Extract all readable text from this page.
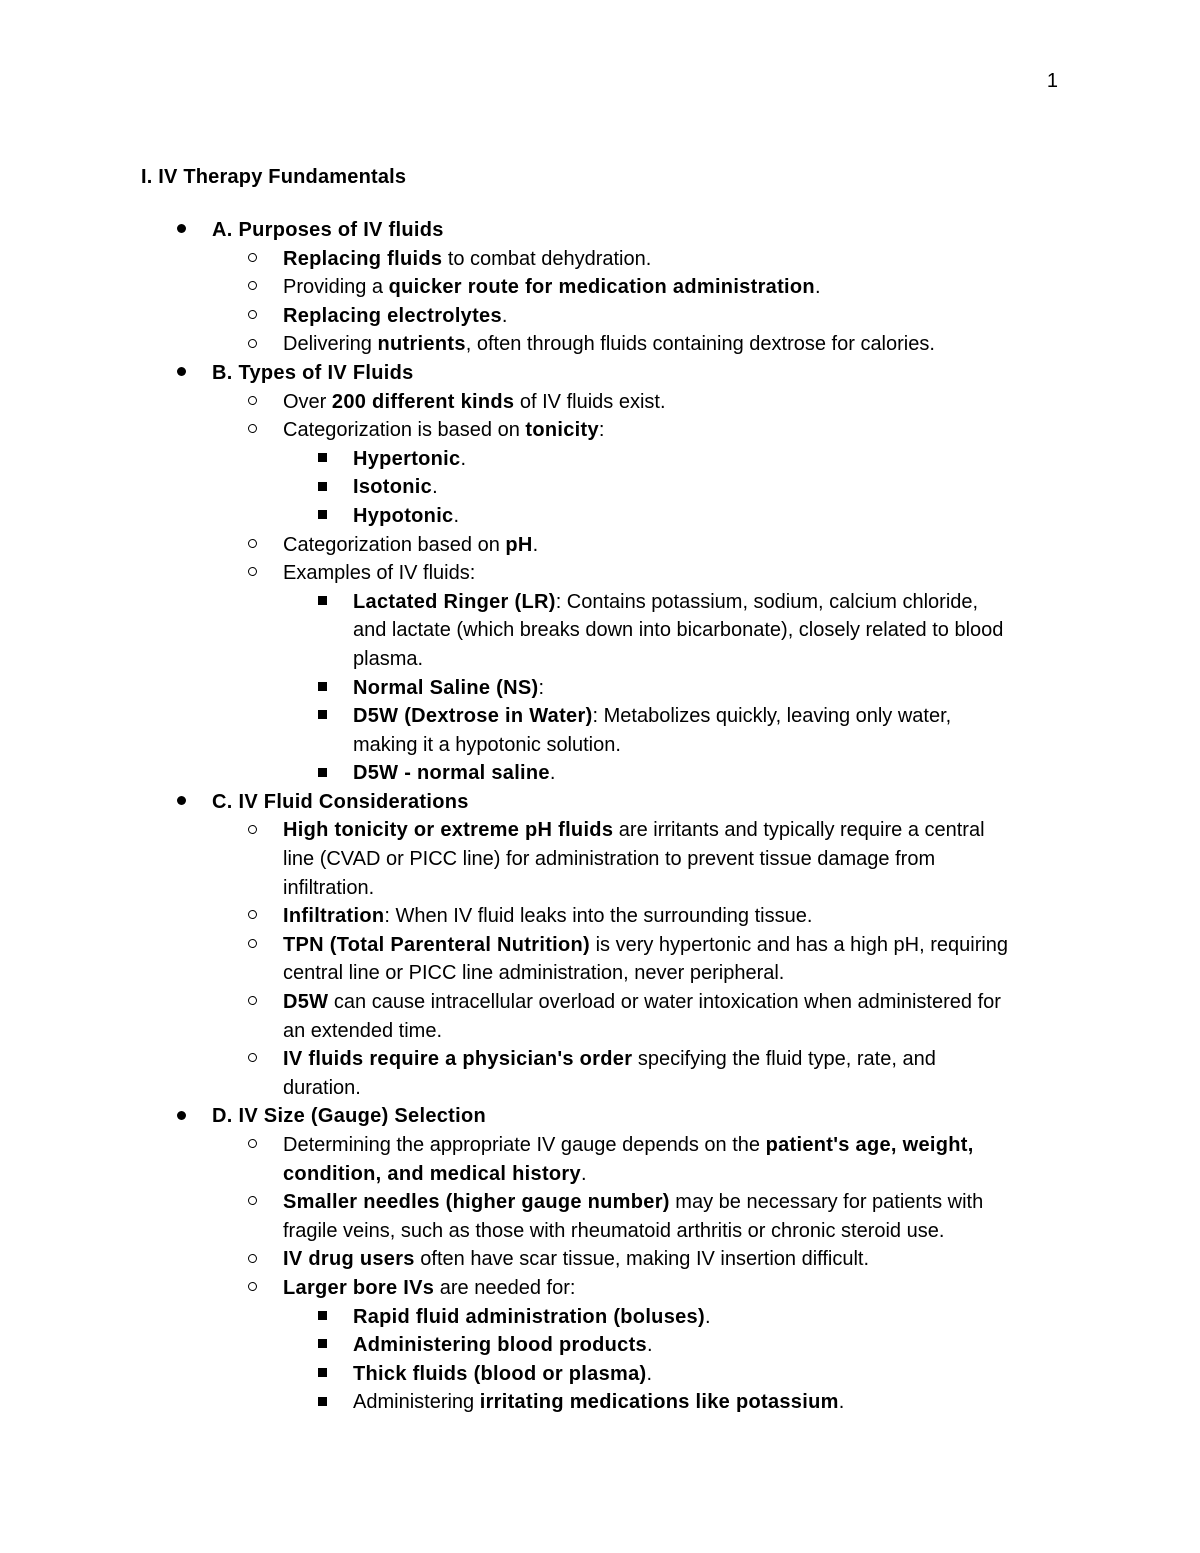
1
I. IV Therapy Fundamentals
A. Purposes of IV fluids
Replacing fluids to combat dehydration.
Providing a quicker route for medication administration.
Replacing electrolytes.
Delivering nutrients, often through fluids containing dextrose for calories.
B. Types of IV Fluids
Over 200 different kinds of IV fluids exist.
Categorization is based on tonicity:
Hypertonic.
Isotonic.
Hypotonic.
Categorization based on pH.
Examples of IV fluids:
Lactated Ringer (LR): Contains potassium, sodium, calcium chloride,
and lactate (which breaks down into bicarbonate), closely related to blood
plasma.
Normal Saline (NS):
D5W (Dextrose in Water): Metabolizes quickly, leaving only water,
making it a hypotonic solution.
D5W - normal saline.
C. IV Fluid Considerations
High tonicity or extreme pH fluids are irritants and typically require a central
line (CVAD or PICC line) for administration to prevent tissue damage from
infiltration.
Infiltration: When IV fluid leaks into the surrounding tissue.
TPN (Total Parenteral Nutrition) is very hypertonic and has a high pH, requiring
central line or PICC line administration, never peripheral.
D5W can cause intracellular overload or water intoxication when administered for
an extended time.
IV fluids require a physician's order specifying the fluid type, rate, and
duration.
D. IV Size (Gauge) Selection
Determining the appropriate IV gauge depends on the patient's age, weight,
condition, and medical history.
Smaller needles (higher gauge number) may be necessary for patients with
fragile veins, such as those with rheumatoid arthritis or chronic steroid use.
IV drug users often have scar tissue, making IV insertion difficult.
Larger bore IVs are needed for:
Rapid fluid administration (boluses).
Administering blood products.
Thick fluids (blood or plasma).
Administering irritating medications like potassium.
